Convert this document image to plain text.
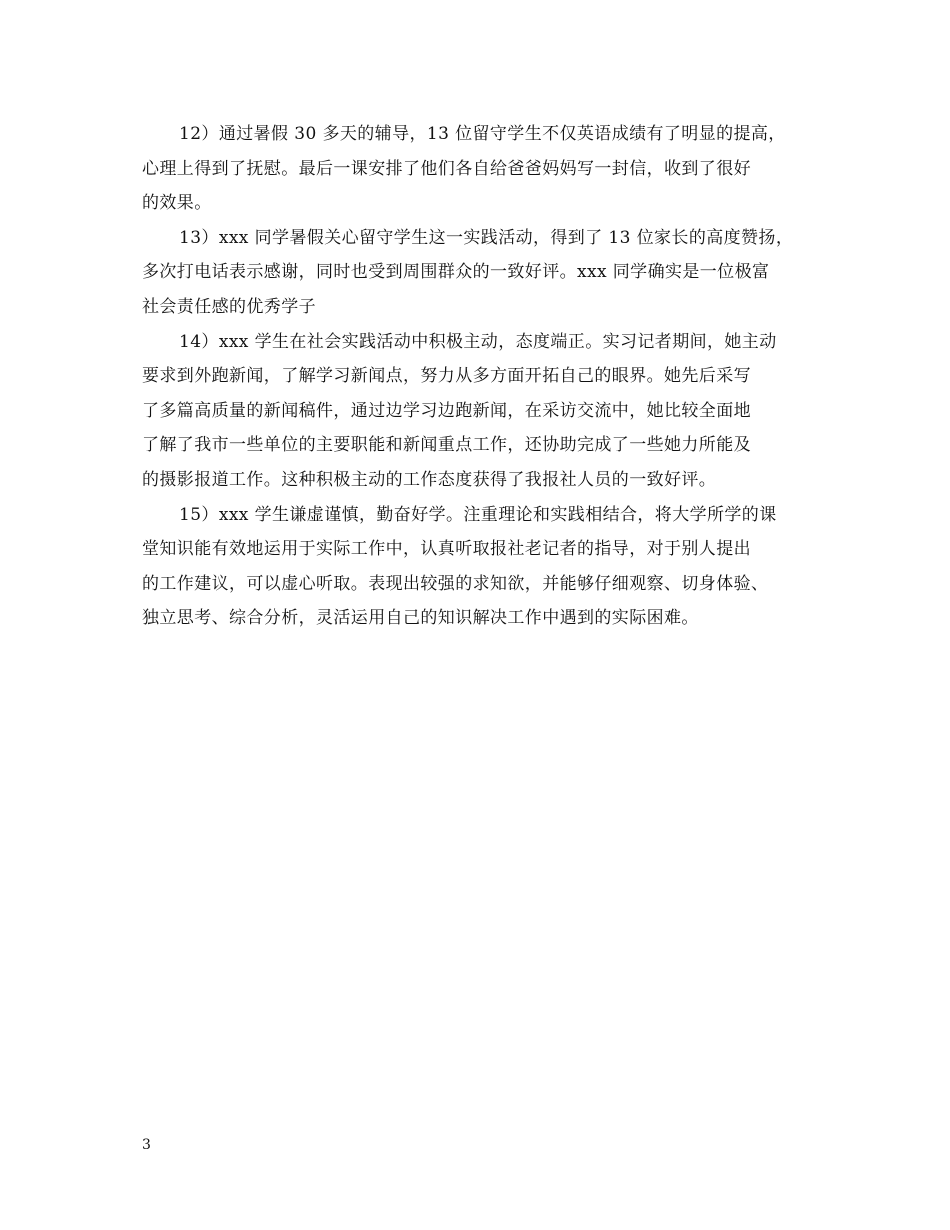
12）通过暑假 30 多天的辅导，13 位留守学生不仅英语成绩有了明显的提高，
心理上得到了抚慰。最后一课安排了他们各自给爸爸妈妈写一封信，收到了很好
的效果。

13）xxx 同学暑假关心留守学生这一实践活动，得到了 13 位家长的高度赞扬，
多次打电话表示感谢，同时也受到周围群众的一致好评。xxx 同学确实是一位极富
社会责任感的优秀学子

14）xxx 学生在社会实践活动中积极主动，态度端正。实习记者期间，她主动
要求到外跑新闻，了解学习新闻点，努力从多方面开拓自己的眼界。她先后采写
了多篇高质量的新闻稿件，通过边学习边跑新闻，在采访交流中，她比较全面地
了解了我市一些单位的主要职能和新闻重点工作，还协助完成了一些她力所能及
的摄影报道工作。这种积极主动的工作态度获得了我报社人员的一致好评。

15）xxx 学生谦虚谨慎，勤奋好学。注重理论和实践相结合，将大学所学的课
堂知识能有效地运用于实际工作中，认真听取报社老记者的指导，对于别人提出
的工作建议，可以虚心听取。表现出较强的求知欲，并能够仔细观察、切身体验、
独立思考、综合分析，灵活运用自己的知识解决工作中遇到的实际困难。

3
